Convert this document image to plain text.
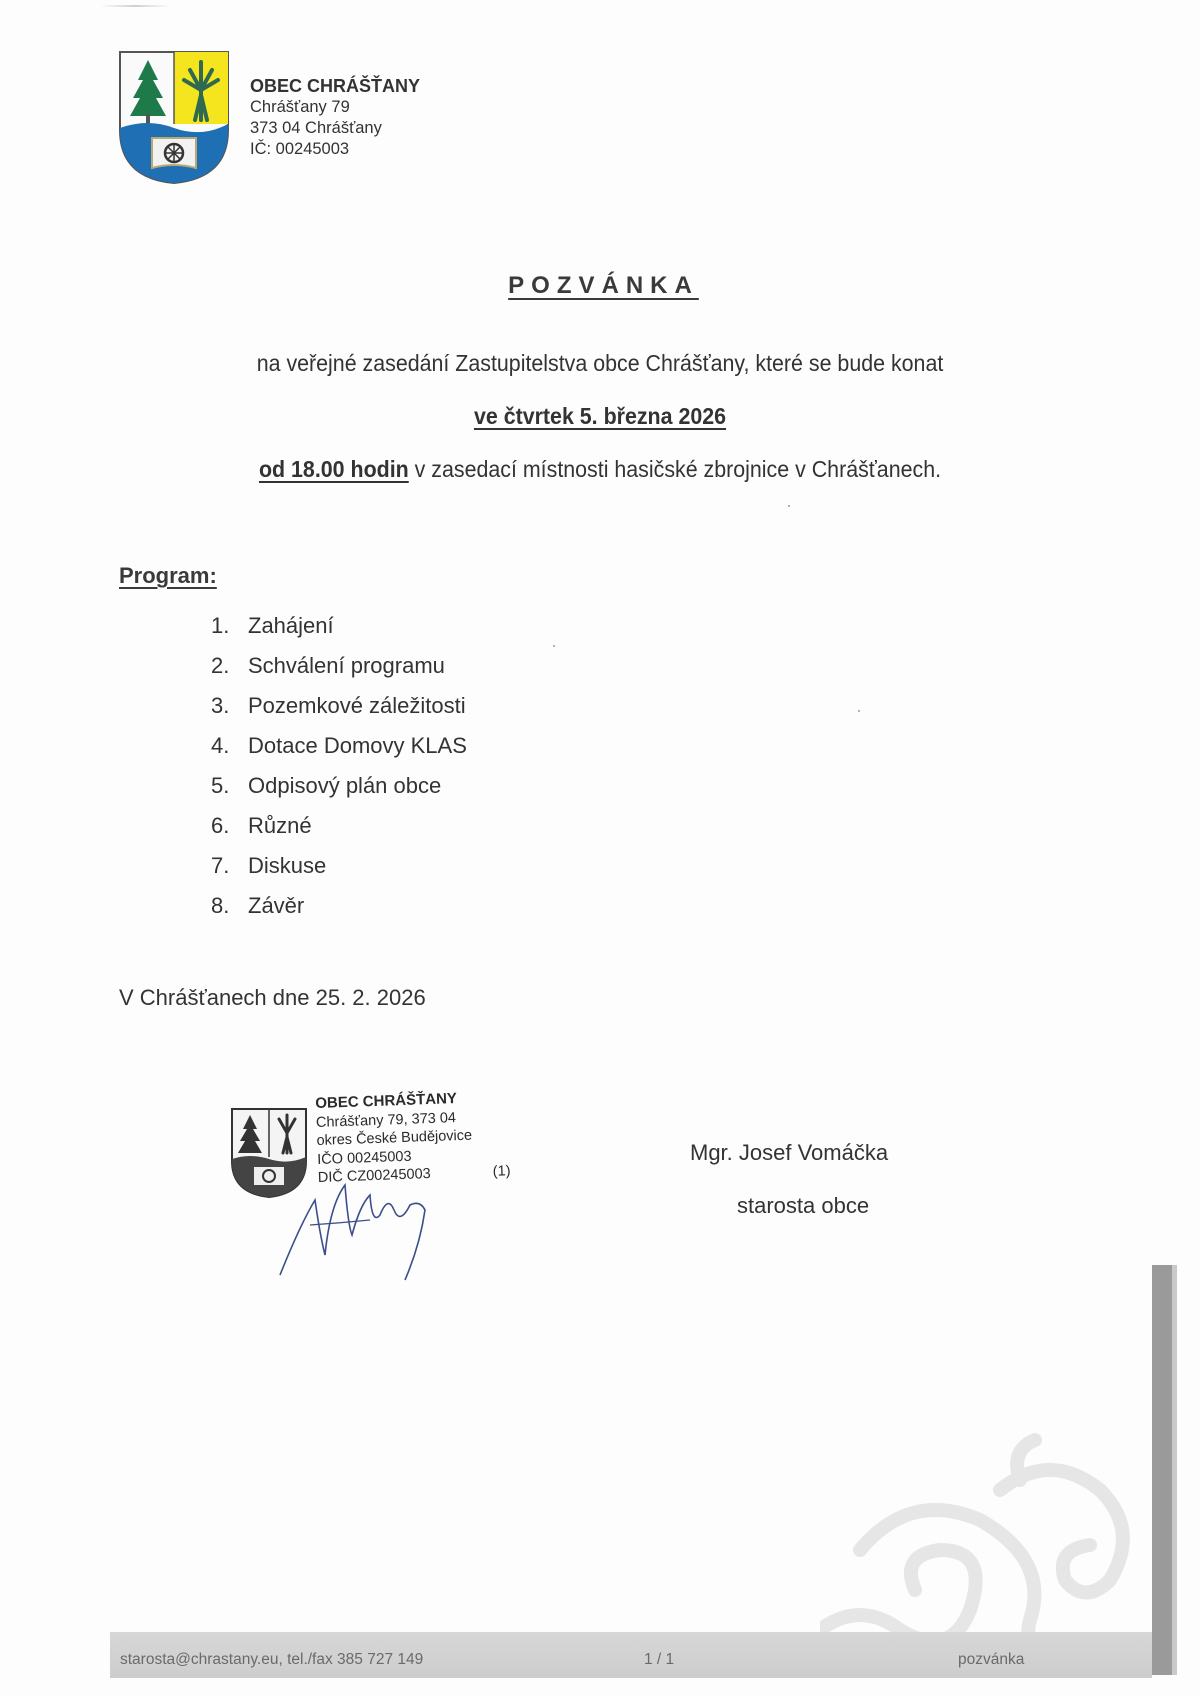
OBEC CHRÁŠŤANY
Chrášťany 79
373 04 Chrášťany
IČ: 00245003
POZVÁNKA
na veřejné zasedání Zastupitelstva obce Chrášťany, které se bude konat
ve čtvrtek 5. března 2026
od 18.00 hodin v zasedací místnosti hasičské zbrojnice v Chrášťanech.
Program:
1. Zahájení
2. Schválení programu
3. Pozemkové záležitosti
4. Dotace Domovy KLAS
5. Odpisový plán obce
6. Různé
7. Diskuse
8. Závěr
V Chrášťanech dne 25. 2. 2026
OBEC CHRÁŠŤANY
Chrášťany 79, 373 04
okres České Budějovice
IČO 00245003
DIČ CZ00245003	(1)
Mgr. Josef Vomáčka
starosta obce
starosta@chrastany.eu, tel./fax 385 727 149	1 / 1	pozvánka
